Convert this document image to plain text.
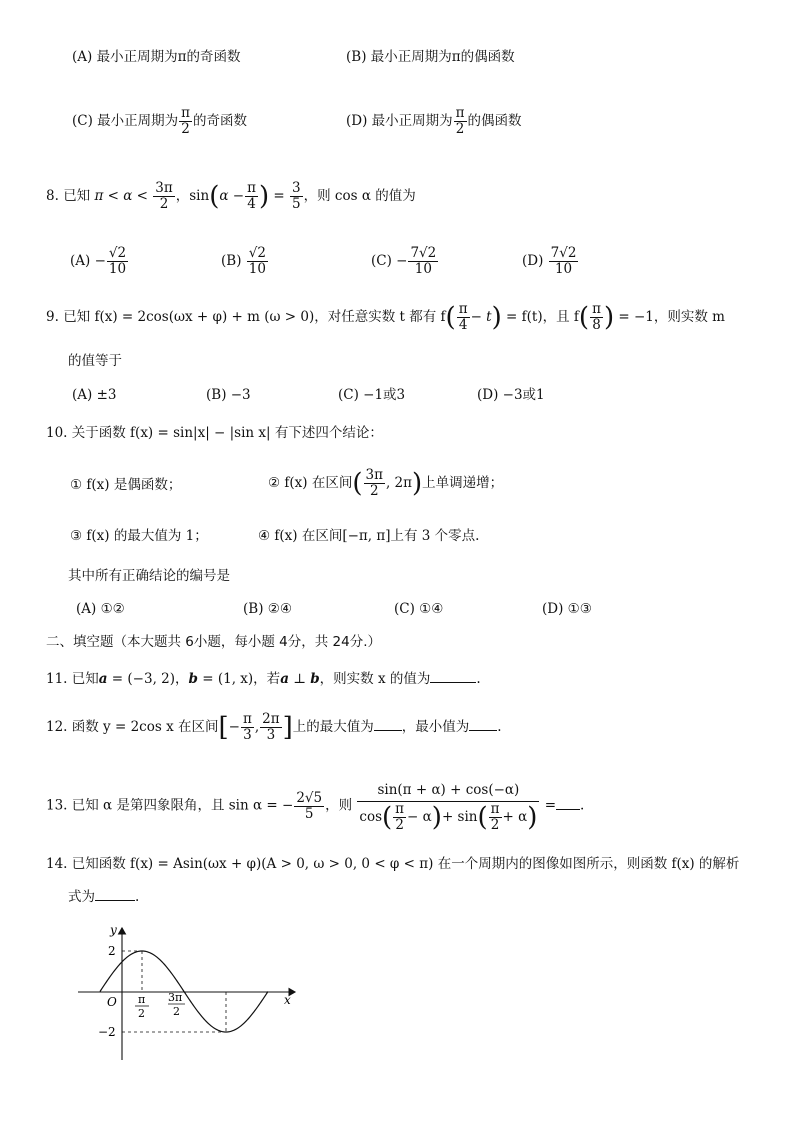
(A) 最小正周期为π的奇函数	(B) 最小正周期为π的偶函数
(C) 最小正周期为 $\frac{\pi}{2}$ 的奇函数	(D) 最小正周期为 $\frac{\pi}{2}$ 的偶函数
8. 已知 $\pi < \alpha < \frac{3\pi}{2}$ ，$\sin(\alpha - \frac{\pi}{4}$ ) = $\frac{3}{5}$ ，则 cos α 的值为
$(A) - \frac{√2}{10}$	$(B) \frac{√2}{10}$	$(C) - \frac{7√2}{10}$	$(D) \frac{7√2}{10}$
9. 已知 f(x) = 2cos(ωx + φ) + m (ω > 0)，对任意实数 t 都有 $f( \frac{\pi}{4} - t) = f(t)$，且 $f( \frac{\pi}{8}$ ) = −1，则实数 m
的值等于
(A) ±3	(B) −3	(C) −1或3	(D) −3或1
10. 关于函数 f(x) = sin|x| − |sin x| 有下述四个结论：
① f(x) 是偶函数；	② f(x) 在区间( $\frac{3\pi}{2}$ , 2π)上单调递增；
③ f(x) 的最大值为 1；	④ f(x) 在区间[−π, π]上有 3 个零点.
其中所有正确结论的编号是
(A) ①②	(B) ②④	(C) ①④	(D) ①③
二、填空题（本大题共 6小题，每小题 4分，共 24分.）
11. 已知a = (−3, 2)，b = (1, x)，若a ⊥ b，则实数 x 的值为	.
12. 函数 y = 2cos x 在区间[− $\frac{\pi}{3}$ , $\frac{2\pi}{3}$ ]上的最大值为 ，最小值为 .
13. 已知 α 是第四象限角，且 sin α = − $\frac{2√5}{5}$ ，则 $\frac{\sin(\pi + \alpha) + \cos(-\alpha)}{\cos( \frac{\pi}{2} - \alpha)+ \sin( \frac{\pi}{2} + \alpha)}$ = .
14. 已知函数 f(x) = Asin(ωx + φ)(A > 0, ω > 0, 0 < φ < π) 在一个周期内的图像如图所示，则函数 f(x) 的解析
式为	.
y
x
O
2
−2
π
2
3π
2
